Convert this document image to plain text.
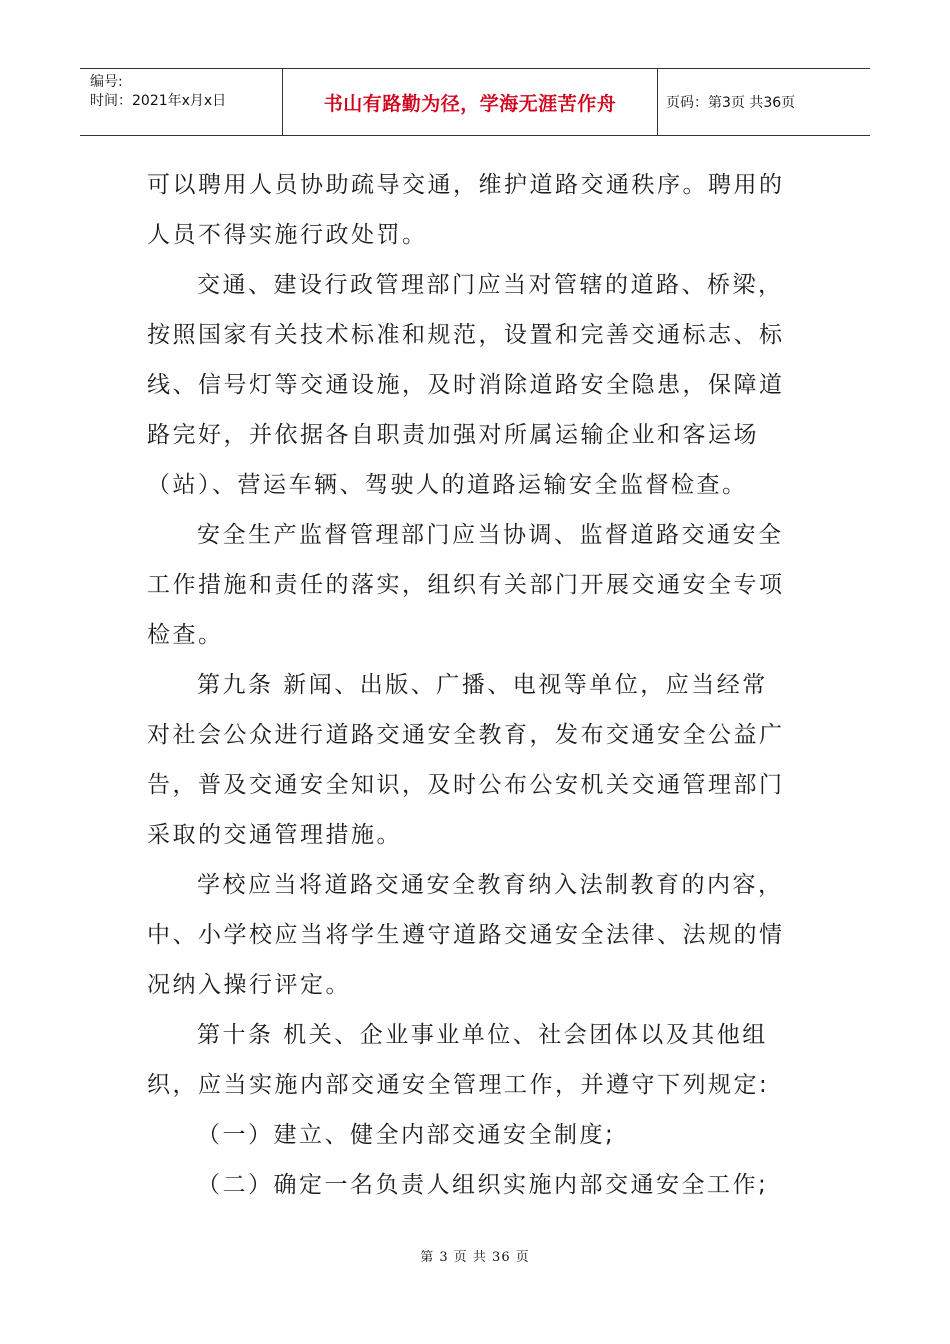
编号:
时间：2021年x月x日	书山有路勤为径，学海无涯苦作舟	页码：第3页 共36页
可以聘用人员协助疏导交通，维护道路交通秩序。聘用的
人员不得实施行政处罚。
交通、建设行政管理部门应当对管辖的道路、桥梁，
按照国家有关技术标准和规范，设置和完善交通标志、标
线、信号灯等交通设施，及时消除道路安全隐患，保障道
路完好，并依据各自职责加强对所属运输企业和客运场
（站）、营运车辆、驾驶人的道路运输安全监督检查。
安全生产监督管理部门应当协调、监督道路交通安全
工作措施和责任的落实，组织有关部门开展交通安全专项
检查。
第九条 新闻、出版、广播、电视等单位，应当经常
对社会公众进行道路交通安全教育，发布交通安全公益广
告，普及交通安全知识，及时公布公安机关交通管理部门
采取的交通管理措施。
学校应当将道路交通安全教育纳入法制教育的内容，
中、小学校应当将学生遵守道路交通安全法律、法规的情
况纳入操行评定。
第十条 机关、企业事业单位、社会团体以及其他组
织，应当实施内部交通安全管理工作，并遵守下列规定:
（一）建立、健全内部交通安全制度;
（二）确定一名负责人组织实施内部交通安全工作;
第 3 页 共 36 页
